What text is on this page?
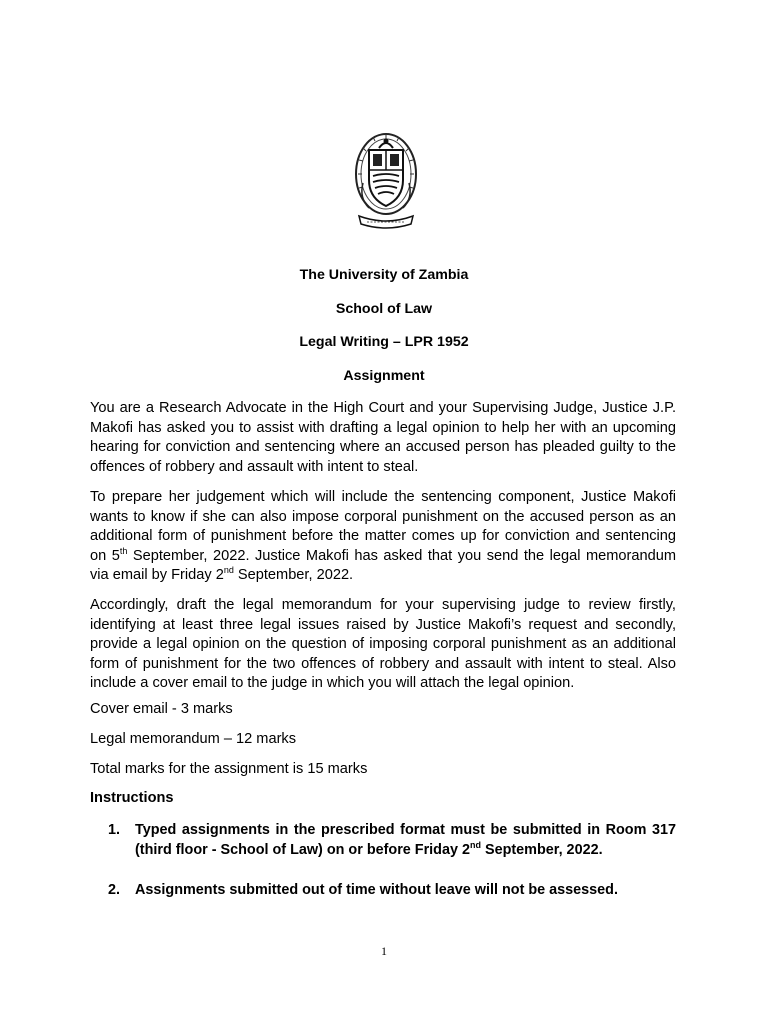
The University of Zambia
School of Law
Legal Writing – LPR 1952
Assignment

You are a Research Advocate in the High Court and your Supervising Judge, Justice J.P. Makofi has asked you to assist with drafting a legal opinion to help her with an upcoming hearing for conviction and sentencing where an accused person has pleaded guilty to the offences of robbery and assault with intent to steal.

To prepare her judgement which will include the sentencing component, Justice Makofi wants to know if she can also impose corporal punishment on the accused person as an additional form of punishment before the matter comes up for conviction and sentencing on 5th September, 2022. Justice Makofi has asked that you send the legal memorandum via email by Friday 2nd September, 2022.

Accordingly, draft the legal memorandum for your supervising judge to review firstly, identifying at least three legal issues raised by Justice Makofi’s request and secondly, provide a legal opinion on the question of imposing corporal punishment as an additional form of punishment for the two offences of robbery and assault with intent to steal. Also include a cover email to the judge in which you will attach the legal opinion.

Cover email - 3 marks

Legal memorandum – 12 marks

Total marks for the assignment is 15 marks

Instructions
1.	Typed assignments in the prescribed format must be submitted in Room 317 (third floor - School of Law) on or before Friday 2nd September, 2022.
2.	Assignments submitted out of time without leave will not be assessed.
1
